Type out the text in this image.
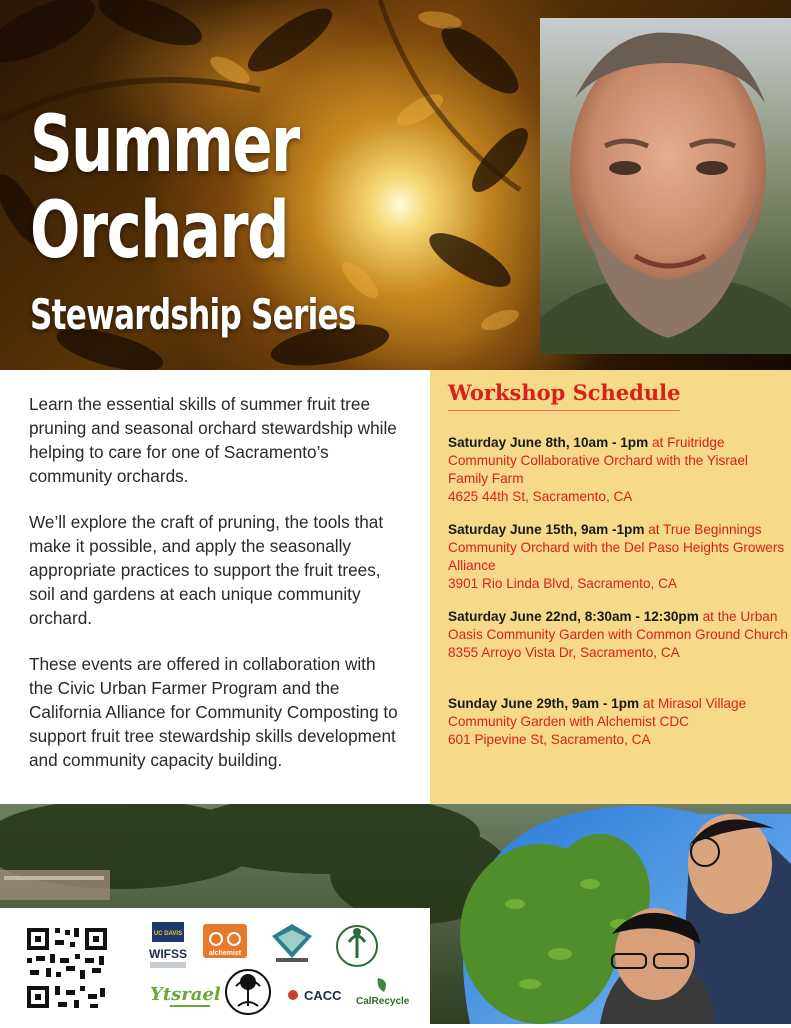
Summer
Orchard
Stewardship Series

Learn the essential skills of summer fruit tree pruning and seasonal orchard stewardship while helping to care for one of Sacramento’s community orchards.

We’ll explore the craft of pruning, the tools that make it possible, and apply the seasonally appropriate practices to support the fruit trees, soil and gardens at each unique community orchard.

These events are offered in collaboration with the Civic Urban Farmer Program and the California Alliance for Community Composting to support fruit tree stewardship skills development and community capacity building.

Workshop Schedule
Saturday June 8th, 10am - 1pm at Fruitridge Community Collaborative Orchard with the Yisrael Family Farm
4625 44th St, Sacramento, CA
Saturday June 15th, 9am -1pm at True Beginnings Community Orchard with the Del Paso Heights Growers Alliance
3901 Rio Linda Blvd, Sacramento, CA
Saturday June 22nd, 8:30am - 12:30pm at the Urban Oasis Community Garden with Common Ground Church
8355 Arroyo Vista Dr, Sacramento, CA
Sunday June 29th, 9am - 1pm at Mirasol Village Community Garden with Alchemist CDC
601 Pipevine St, Sacramento, CA
UC DAVIS
WIFSS	alchemist
Ytsrael	CACC CalRecycle
